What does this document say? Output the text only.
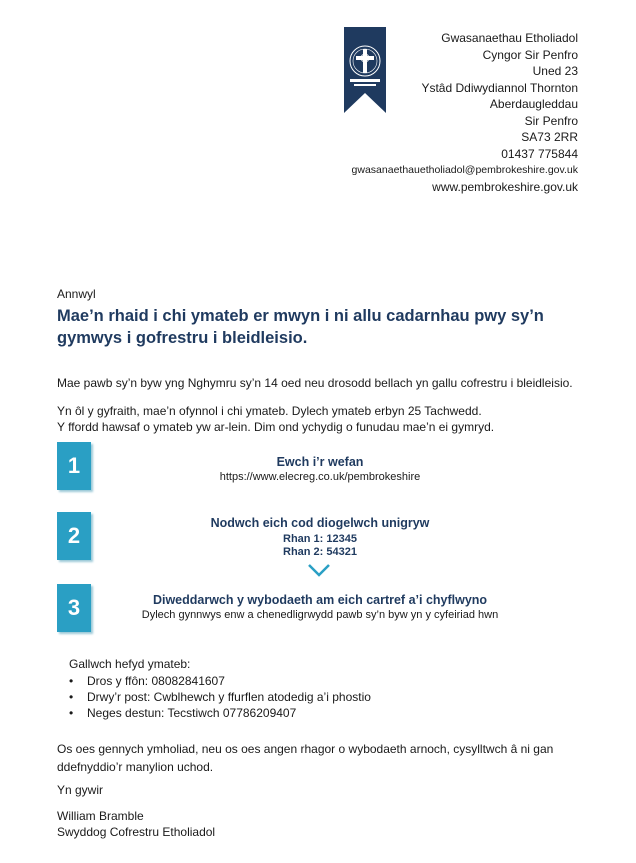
Gwasanaethau Etholiadol
Cyngor Sir Penfro
Uned 23
Ystâd Ddiwydiannol Thornton
Aberdaugleddau
Sir Penfro
SA73 2RR
01437 775844
gwasanaethauetholiadol@pembrokeshire.gov.uk
www.pembrokeshire.gov.uk
Annwyl
Mae’n rhaid i chi ymateb er mwyn i ni allu cadarnhau pwy sy’n gymwys i gofrestru i bleidleisio.
Mae pawb sy’n byw yng Nghymru sy’n 14 oed neu drosodd bellach yn gallu cofrestru i bleidleisio.
Yn ôl y gyfraith, mae’n ofynnol i chi ymateb. Dylech ymateb erbyn 25 Tachwedd.
Y ffordd hawsaf o ymateb yw ar-lein. Dim ond ychydig o funudau mae’n ei gymryd.
1	Ewch i’r wefan
https://www.elecreg.co.uk/pembrokeshire
2	Nodwch eich cod diogelwch unigryw
Rhan 1: 12345
Rhan 2: 54321
3	Diweddarwch y wybodaeth am eich cartref a’i chyflwyno
Dylech gynnwys enw a chenedligrwydd pawb sy’n byw yn y cyfeiriad hwn
Gallwch hefyd ymateb:
• Dros y ffôn: 08082841607
• Drwy’r post: Cwblhewch y ffurflen atodedig a’i phostio
• Neges destun: Tecstiwch 07786209407
Os oes gennych ymholiad, neu os oes angen rhagor o wybodaeth arnoch, cysylltwch â ni gan ddefnyddio’r manylion uchod.
Yn gywir
William Bramble
Swyddog Cofrestru Etholiadol
